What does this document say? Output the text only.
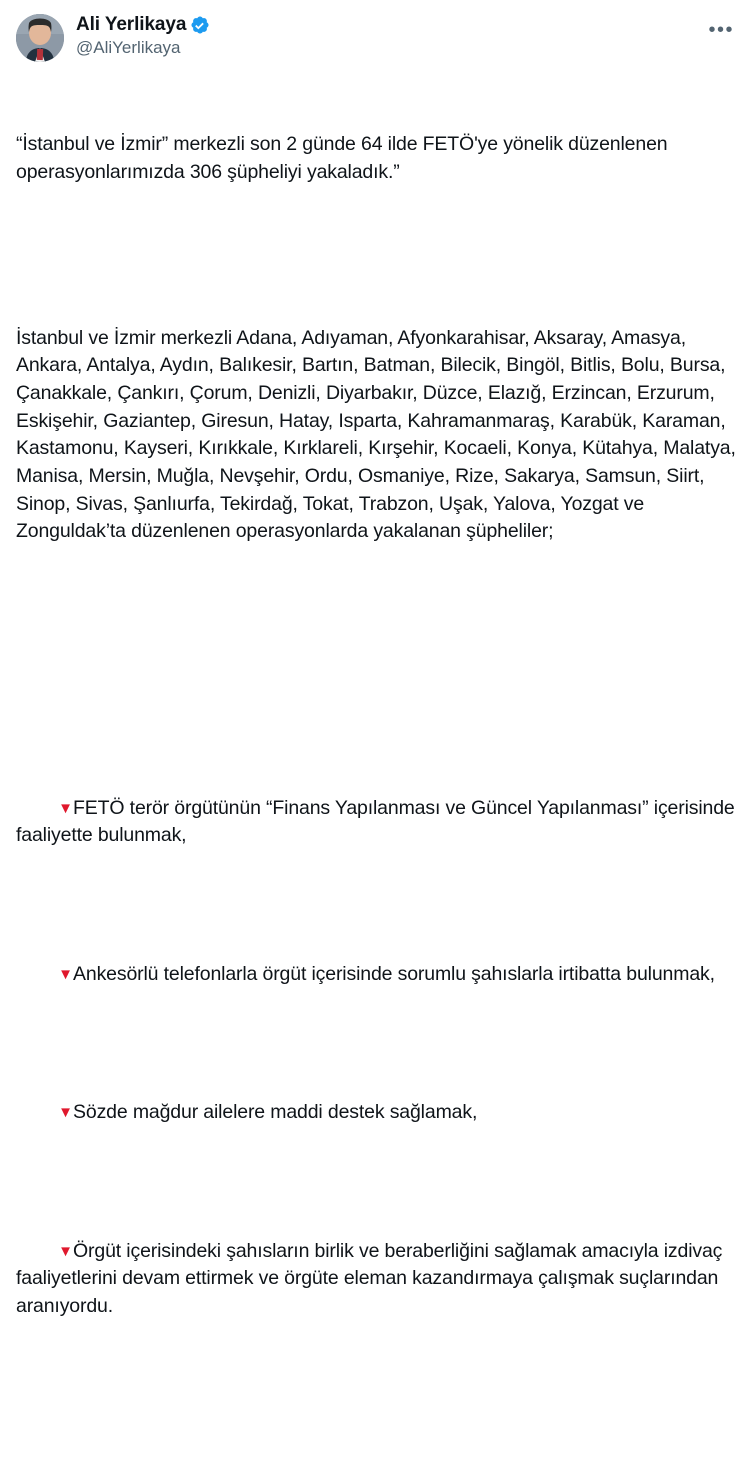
Ali Yerlikaya
@AliYerlikaya
•••

“İstanbul ve İzmir” merkezli son 2 günde 64 ilde FETÖ'ye yönelik düzenlenen operasyonlarımızda 306 şüpheliyi yakaladık.”

İstanbul ve İzmir merkezli Adana, Adıyaman, Afyonkarahisar, Aksaray, Amasya, Ankara, Antalya, Aydın, Balıkesir, Bartın, Batman, Bilecik, Bingöl, Bitlis, Bolu, Bursa, Çanakkale, Çankırı, Çorum, Denizli, Diyarbakır, Düzce, Elazığ, Erzincan, Erzurum, Eskişehir, Gaziantep, Giresun, Hatay, Isparta, Kahramanmaraş, Karabük, Karaman, Kastamonu, Kayseri, Kırıkkale, Kırklareli, Kırşehir, Kocaeli, Konya, Kütahya, Malatya, Manisa, Mersin, Muğla, Nevşehir, Ordu, Osmaniye, Rize, Sakarya, Samsun, Siirt, Sinop, Sivas, Şanlıurfa, Tekirdağ, Tokat, Trabzon, Uşak, Yalova, Yozgat ve Zonguldak’ta düzenlenen operasyonlarda yakalanan şüpheliler;

▼FETÖ terör örgütünün “Finans Yapılanması ve Güncel Yapılanması” içerisinde faaliyette bulunmak,

▼Ankesörlü telefonlarla örgüt içerisinde sorumlu şahıslarla irtibatta bulunmak,

▼Sözde mağdur ailelere maddi destek sağlamak,

▼Örgüt içerisindeki şahısların birlik ve beraberliğini sağlamak amacıyla izdivaç faaliyetlerini devam ettirmek ve örgüte eleman kazandırmaya çalışmak suçlarından aranıyordu.
